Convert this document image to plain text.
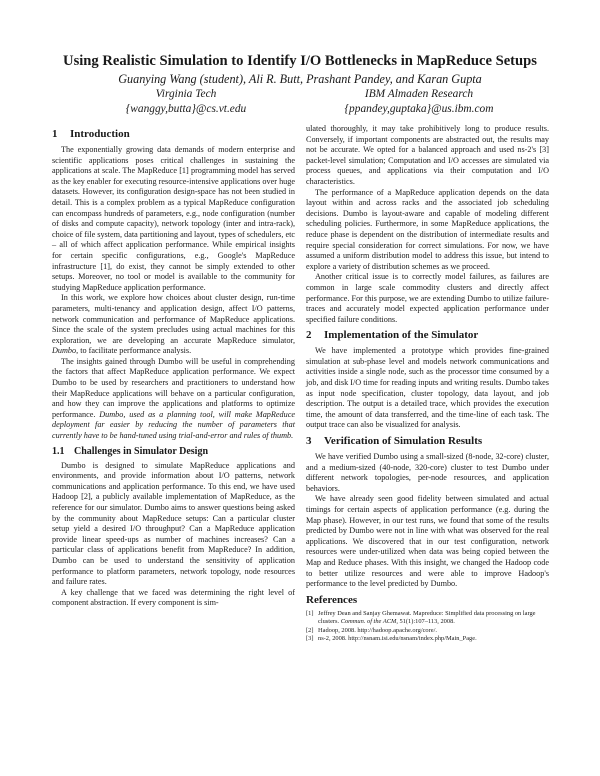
Using Realistic Simulation to Identify I/O Bottlenecks in MapReduce Setups
Guanying Wang (student), Ali R. Butt, Prashant Pandey, and Karan Gupta
Virginia Tech	IBM Almaden Research
{wanggy,butta}@cs.vt.edu	{ppandey,guptaka}@us.ibm.com
1 Introduction

The exponentially growing data demands of modern enterprise and scientific applications poses critical challenges in sustaining the applications at scale. The MapReduce [1] programming model has served as the key enabler for executing resource-intensive applications over huge datasets. However, its configuration design-space has not been studied in detail. This is a complex problem as a typical MapReduce configuration can encompass hundreds of parameters, e.g., node configuration (number of disks and compute capacity), network topology (inter and intra-rack), choice of file system, data partitioning and layout, types of schedulers, etc – all of which affect application performance. While empirical insights for certain specific configurations, e.g., Google's MapReduce infrastructure [1], do exist, they cannot be simply extended to other setups. Moreover, no tool or model is available to the community for studying MapReduce application performance.

In this work, we explore how choices about cluster design, run-time parameters, multi-tenancy and application design, affect I/O patterns, network communication and performance of MapReduce applications. Since the scale of the system precludes using actual machines for this exploration, we are developing an accurate MapReduce simulator, Dumbo, to facilitate performance analysis.

The insights gained through Dumbo will be useful in comprehending the factors that affect MapReduce application performance. We expect Dumbo to be used by researchers and practitioners to understand how their MapReduce applications will behave on a particular configuration, and how they can improve the applications and platforms to optimize performance. Dumbo, used as a planning tool, will make MapReduce deployment far easier by reducing the number of parameters that currently have to be hand-tuned using trial-and-error and rules of thumb.

1.1 Challenges in Simulator Design

Dumbo is designed to simulate MapReduce applications and environments, and provide information about I/O patterns, network communications and application performance. To this end, we have used Hadoop [2], a publicly available implementation of MapReduce, as the reference for our simulator. Dumbo aims to answer questions being asked by the community about MapReduce setups: Can a particular cluster setup yield a desired I/O throughput? Can a MapReduce application provide linear speed-ups as number of machines increases? Can a particular class of applications benefit from MapReduce? In addition, Dumbo can be used to understand the sensitivity of application performance to platform parameters, network topology, node resources and failure rates.

A key challenge that we faced was determining the right level of component abstraction. If every component is sim-

ulated thoroughly, it may take prohibitively long to produce results. Conversely, if important components are abstracted out, the results may not be accurate. We opted for a balanced approach and used ns-2's [3] packet-level simulation; Computation and I/O accesses are simulated via process queues, and applications via their computation and I/O characteristics.

The performance of a MapReduce application depends on the data layout within and across racks and the associated job scheduling decisions. Dumbo is layout-aware and capable of modeling different scheduling policies. Furthermore, in some MapReduce applications, the reduce phase is dependent on the distribution of intermediate results and require special consideration for correct simulations. For now, we have assumed a uniform distribution model to address this issue, but intend to explore a variety of distribution schemes as we proceed.

Another critical issue is to correctly model failures, as failures are common in large scale commodity clusters and directly affect performance. For this purpose, we are extending Dumbo to utilize failure-traces and accurately model expected application performance under specified failure conditions.

2 Implementation of the Simulator

We have implemented a prototype which provides fine-grained simulation at sub-phase level and models network communications and activities inside a single node, such as the processor time consumed by a job, and disk I/O time for reading inputs and writing results. Dumbo takes as input node specification, cluster topology, data layout, and job description. The output is a detailed trace, which provides the execution time, the amount of data transferred, and the time-line of each task. The output trace can also be visualized for analysis.

3 Verification of Simulation Results

We have verified Dumbo using a small-sized (8-node, 32-core) cluster, and a medium-sized (40-node, 320-core) cluster to test Dumbo under different network topologies, per-node resources, and application behaviors.

We have already seen good fidelity between simulated and actual timings for certain aspects of application performance (e.g. during the Map phase). However, in our test runs, we found that some of the results predicted by Dumbo were not in line with what was observed for the real applications. We discovered that in our test configuration, network resources were under-utilized when data was being copied between the Map and Reduce phases. With this insight, we changed the Hadoop code to better utilize resources and were able to improve Hadoop's performance to the level predicted by Dumbo.

References
[1] Jeffrey Dean and Sanjay Ghemawat. Mapreduce: Simplified data processing on large clusters. Commun. of the ACM, 51(1):107–113, 2008.
[2] Hadoop, 2008. http://hadoop.apache.org/core/.
[3] ns-2, 2008. http://nsnam.isi.edu/nsnam/index.php/Main_Page.
